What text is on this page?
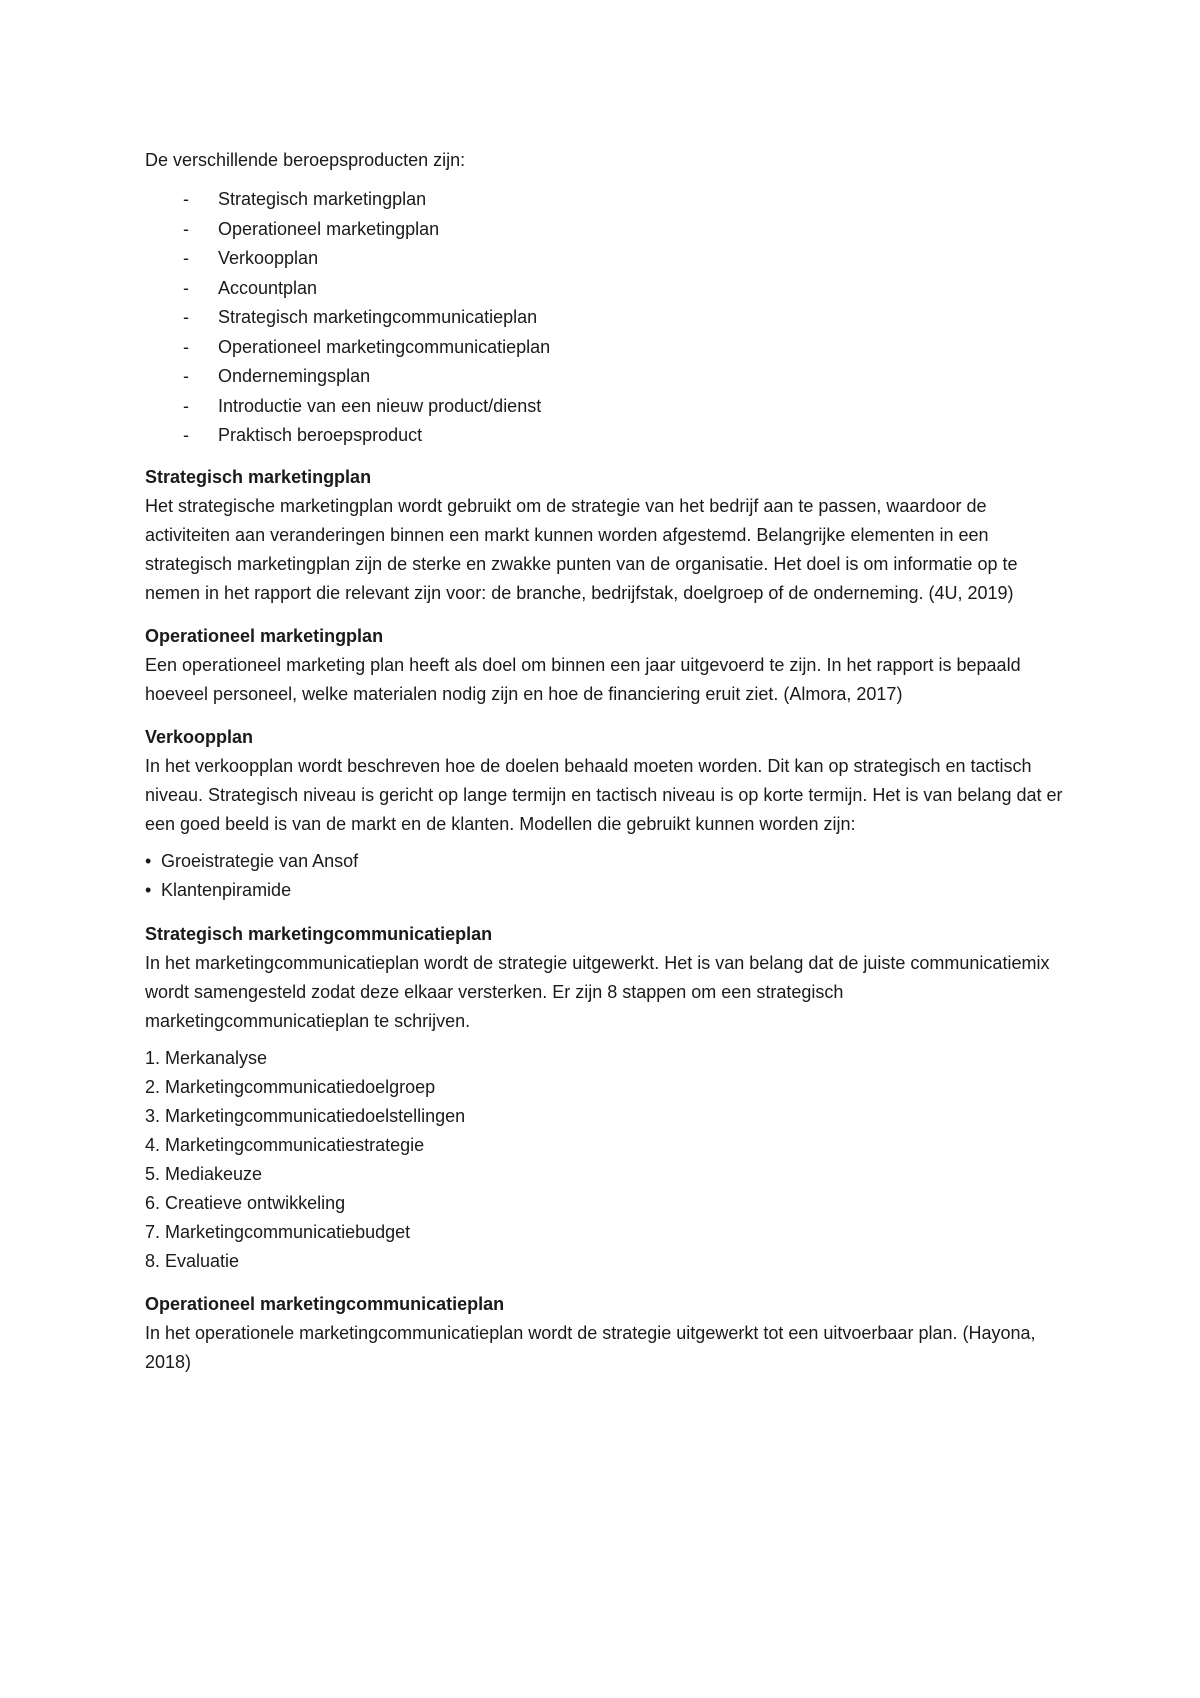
De verschillende beroepsproducten zijn:

- Strategisch marketingplan
- Operationeel marketingplan
- Verkoopplan
- Accountplan
- Strategisch marketingcommunicatieplan
- Operationeel marketingcommunicatieplan
- Ondernemingsplan
- Introductie van een nieuw product/dienst
- Praktisch beroepsproduct
Strategisch marketingplan

Het strategische marketingplan wordt gebruikt om de strategie van het bedrijf aan te passen, waardoor de activiteiten aan veranderingen binnen een markt kunnen worden afgestemd. Belangrijke elementen in een strategisch marketingplan zijn de sterke en zwakke punten van de organisatie. Het doel is om informatie op te nemen in het rapport die relevant zijn voor: de branche, bedrijfstak, doelgroep of de onderneming. (4U, 2019)

Operationeel marketingplan

Een operationeel marketing plan heeft als doel om binnen een jaar uitgevoerd te zijn. In het rapport is bepaald hoeveel personeel, welke materialen nodig zijn en hoe de financiering eruit ziet. (Almora, 2017)

Verkoopplan

In het verkoopplan wordt beschreven hoe de doelen behaald moeten worden. Dit kan op strategisch en tactisch niveau. Strategisch niveau is gericht op lange termijn en tactisch niveau is op korte termijn. Het is van belang dat er een goed beeld is van de markt en de klanten. Modellen die gebruikt kunnen worden zijn:

• Groeistrategie van Ansof
• Klantenpiramide
Strategisch marketingcommunicatieplan

In het marketingcommunicatieplan wordt de strategie uitgewerkt. Het is van belang dat de juiste communicatiemix wordt samengesteld zodat deze elkaar versterken. Er zijn 8 stappen om een strategisch marketingcommunicatieplan te schrijven.

1. Merkanalyse
2. Marketingcommunicatiedoelgroep
3. Marketingcommunicatiedoelstellingen
4. Marketingcommunicatiestrategie
5. Mediakeuze
6. Creatieve ontwikkeling
7. Marketingcommunicatiebudget
8. Evaluatie
Operationeel marketingcommunicatieplan

In het operationele marketingcommunicatieplan wordt de strategie uitgewerkt tot een uitvoerbaar plan. (Hayona, 2018)
